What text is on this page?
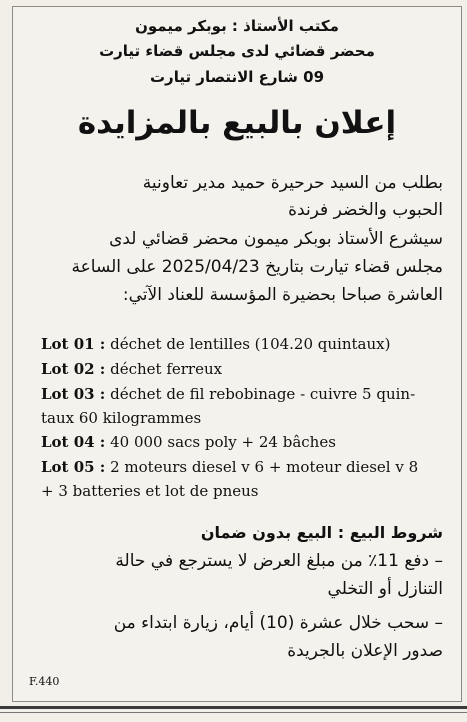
مكتب الأستاذ : بوبكر ميمون
محضر قضائي لدى مجلس قضاء تيارت
09 شارع الانتصار تيارت
إعلان بالبيع بالمزايدة
بطلب من السيد حرحيرة حميد مدير تعاونية
الحبوب والخضر فرندة
سيشرع الأستاذ بوبكر ميمون محضر قضائي لدى
مجلس قضاء تيارت بتاريخ 2025/04/23 على الساعة
العاشرة صباحا بحضيرة المؤسسة للعناد الآتي:
Lot 01 : déchet de lentilles (104.20 quintaux)
Lot 02 : déchet ferreux
Lot 03 : déchet de fil rebobinage - cuivre 5 quin-
taux 60 kilogrammes
Lot 04 : 40 000 sacs poly + 24 bâches
Lot 05 : 2 moteurs diesel v 6 + moteur diesel v 8
+ 3 batteries et lot de pneus
شروط البيع : البيع بدون ضمان
– دفع 11٪ من مبلغ العرض لا يسترجع في حالة
التنازل أو التخلي
– سحب خلال عشرة (10) أيام، زيارة ابتداء من
صدور الإعلان بالجريدة
F.440
